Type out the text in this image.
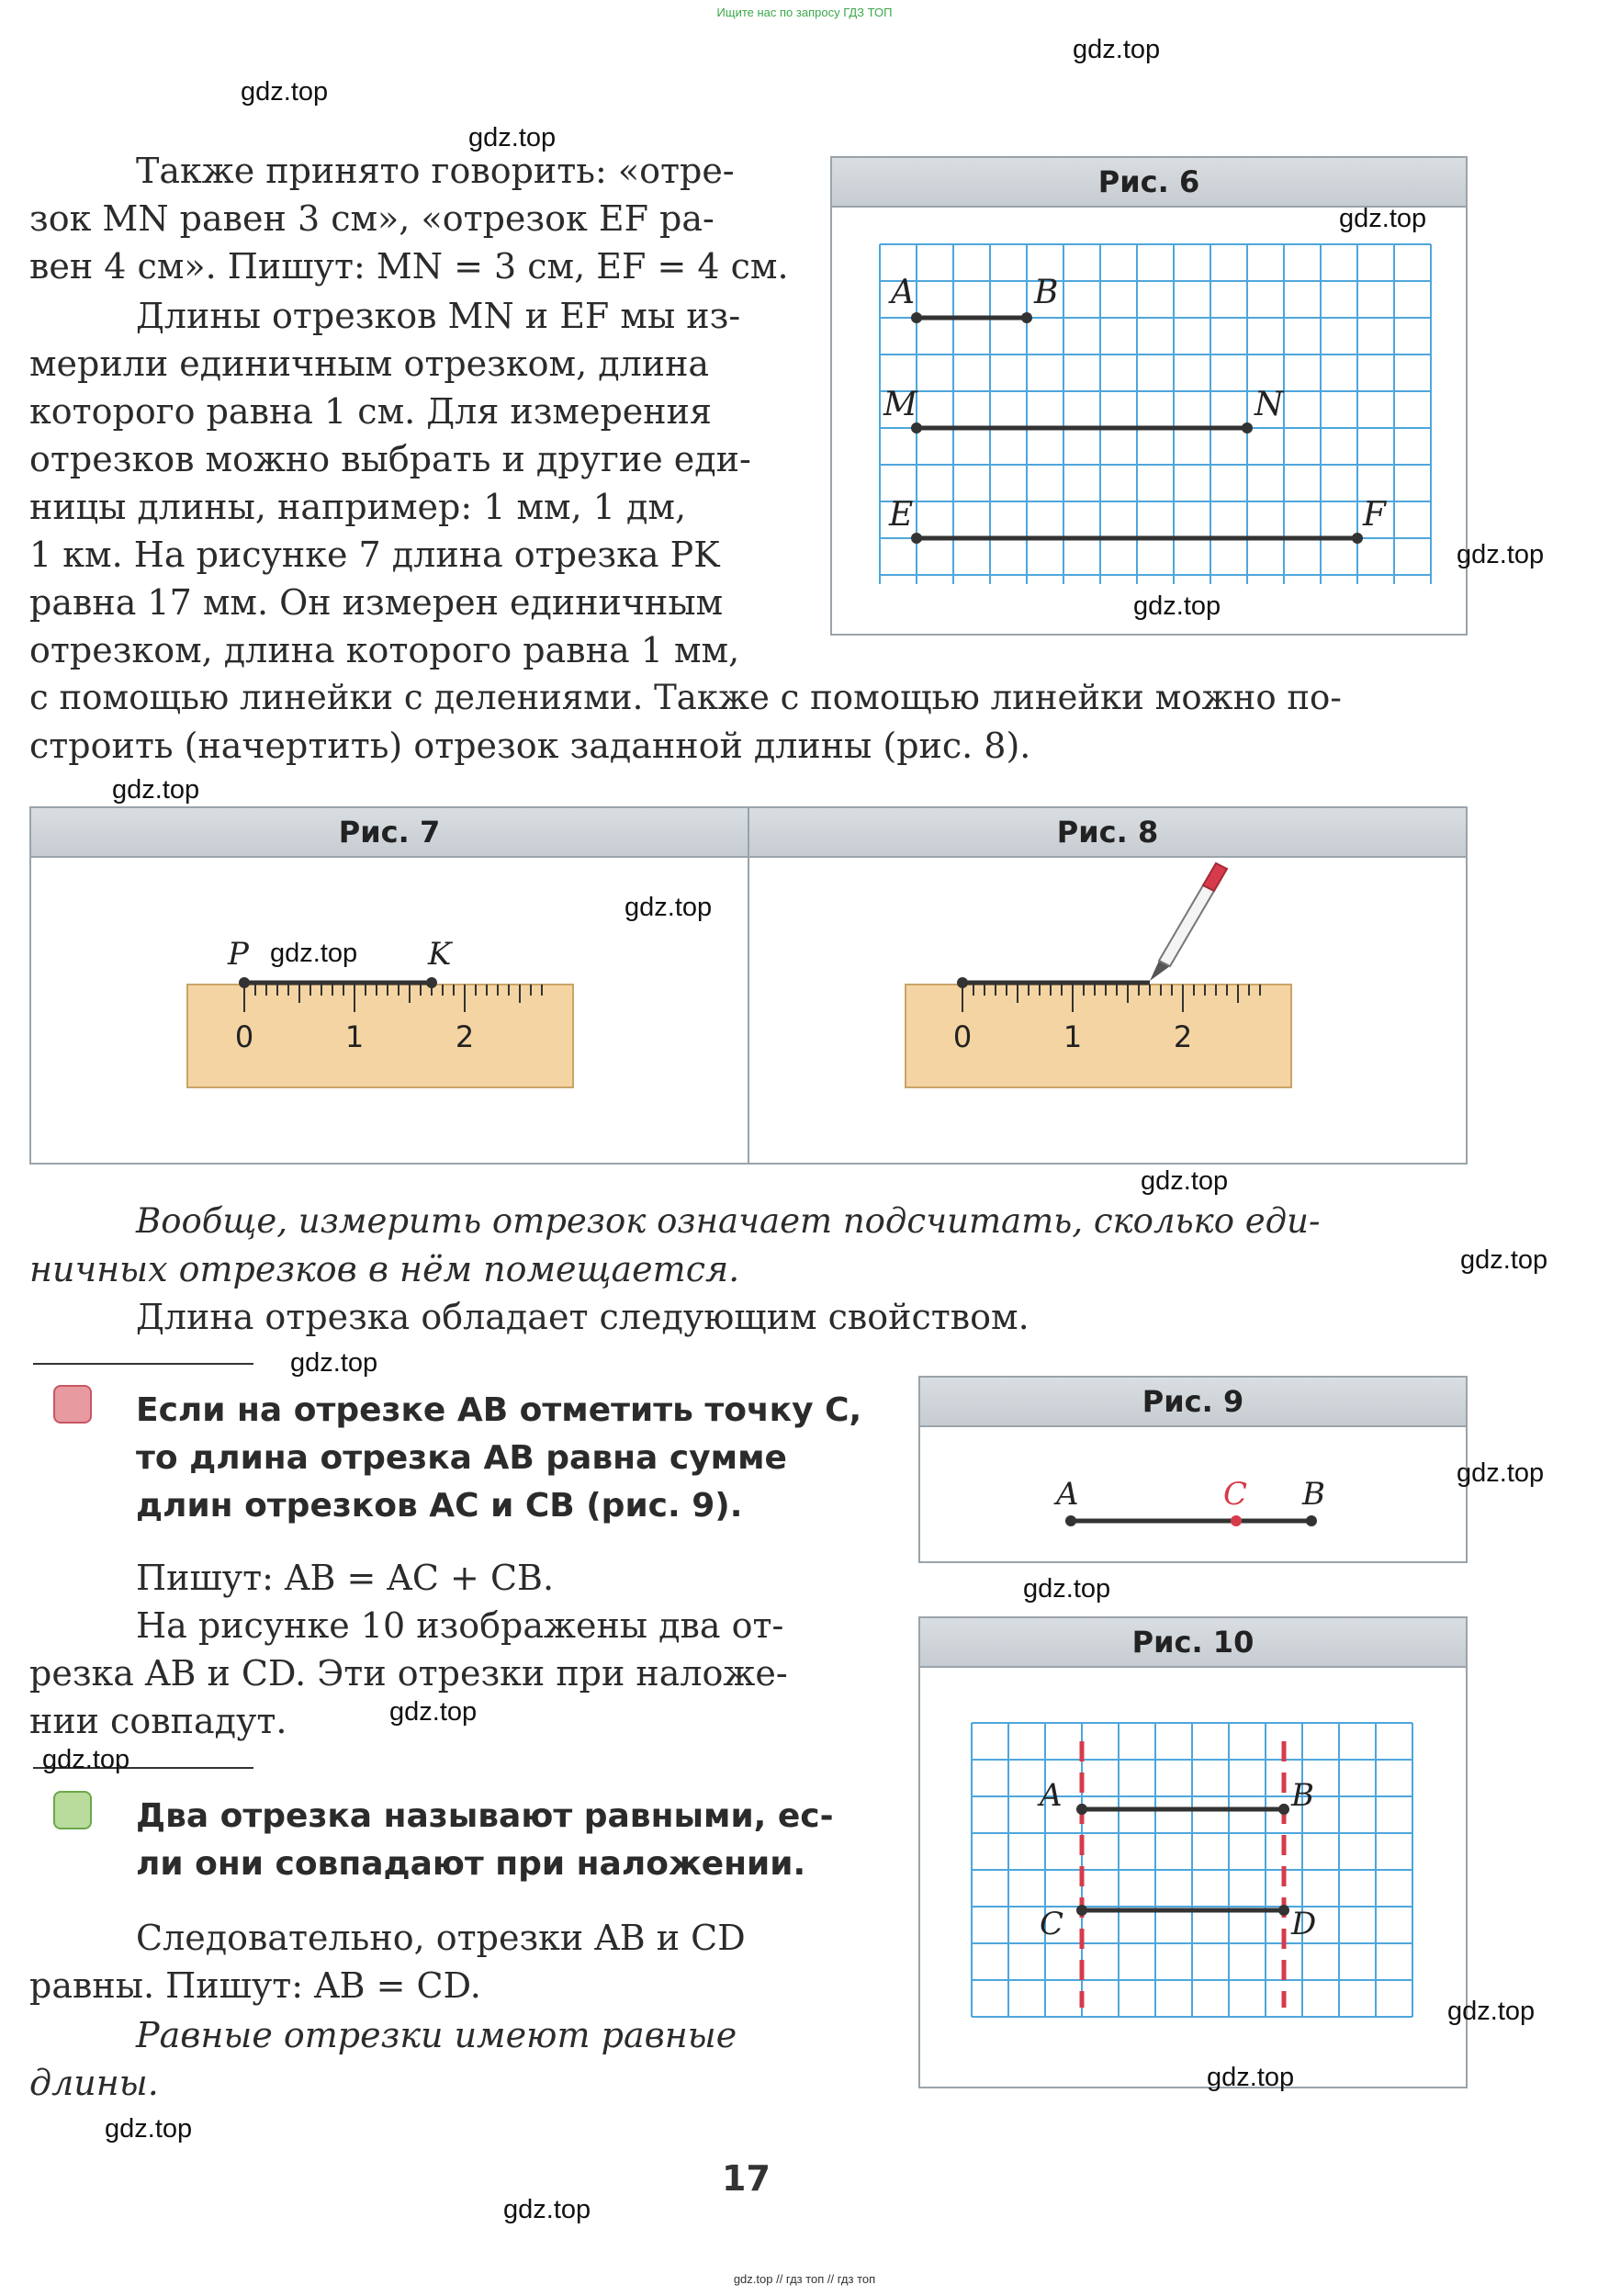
Ищите нас по запросу ГДЗ ТОП
gdz.top // гдз топ // гдз топ
Также принято говорить: «отре-
зок MN равен 3 см», «отрезок EF ра-
вен 4 см». Пишут: MN = 3 см, EF = 4 см.
Длины отрезков MN и EF мы из-
мерили единичным отрезком, длина
которого равна 1 см. Для измерения
отрезков можно выбрать и другие еди-
ницы длины, например: 1 мм, 1 дм,
1 км. На рисунке 7 длина отрезка PK
равна 17 мм. Он измерен единичным
отрезком, длина которого равна 1 мм,
с помощью линейки с делениями. Также с помощью линейки можно по-
строить (начертить) отрезок заданной длины (рис. 8).
Вообще, измерить отрезок означает подсчитать, сколько еди-
ничных отрезков в нём помещается.
Длина отрезка обладает следующим свойством.
Если на отрезке AB отметить точку C,
то длина отрезка AB равна сумме
длин отрезков AC и CB (рис. 9).
Пишут: AB = AC + CB.
На рисунке 10 изображены два от-
резка AB и CD. Эти отрезки при наложе-
нии совпадут.
Два отрезка называют равными, ес-
ли они совпадают при наложении.
Следовательно, отрезки AB и CD
равны. Пишут: AB = CD.
Равные отрезки имеют равные
длины.
Рис. 6
A	B
M	N
E	F
Рис. 7	Рис. 8
P	K
0	1	2	0	1	2
Рис. 9
A	C B
Рис. 10
A	B
C	D
17
gdz.top
gdz.top
gdz.top
gdz.top
gdz.top
gdz.top
gdz.top
gdz.top
gdz.top
gdz.top
gdz.top
gdz.top
gdz.top
gdz.top
gdz.top
gdz.top
gdz.top
gdz.top
gdz.top
gdz.top
